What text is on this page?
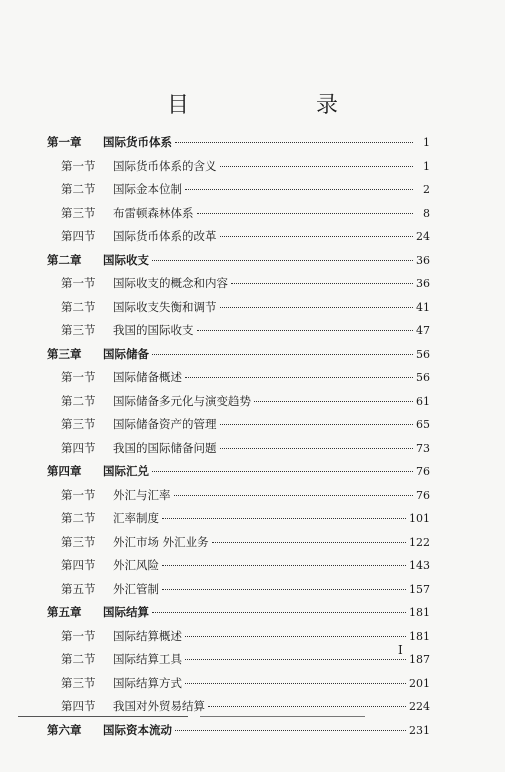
目 录
第一章	国际货币体系	1
第一节	国际货币体系的含义	1
第二节	国际金本位制	2
第三节	布雷顿森林体系	8
第四节	国际货币体系的改革	24
第二章	国际收支	36
第一节	国际收支的概念和内容	36
第二节	国际收支失衡和调节	41
第三节	我国的国际收支	47
第三章	国际储备	56
第一节	国际储备概述	56
第二节	国际储备多元化与演变趋势	61
第三节	国际储备资产的管理	65
第四节	我国的国际储备问题	73
第四章	国际汇兑	76
第一节	外汇与汇率	76
第二节	汇率制度	101
第三节	外汇市场 外汇业务	122
第四节	外汇风险	143
第五节	外汇管制	157
第五章	国际结算	181
第一节	国际结算概述	181
第二节	国际结算工具	187
第三节	国际结算方式	201
第四节	我国对外贸易结算	224
第六章	国际资本流动	231
I
